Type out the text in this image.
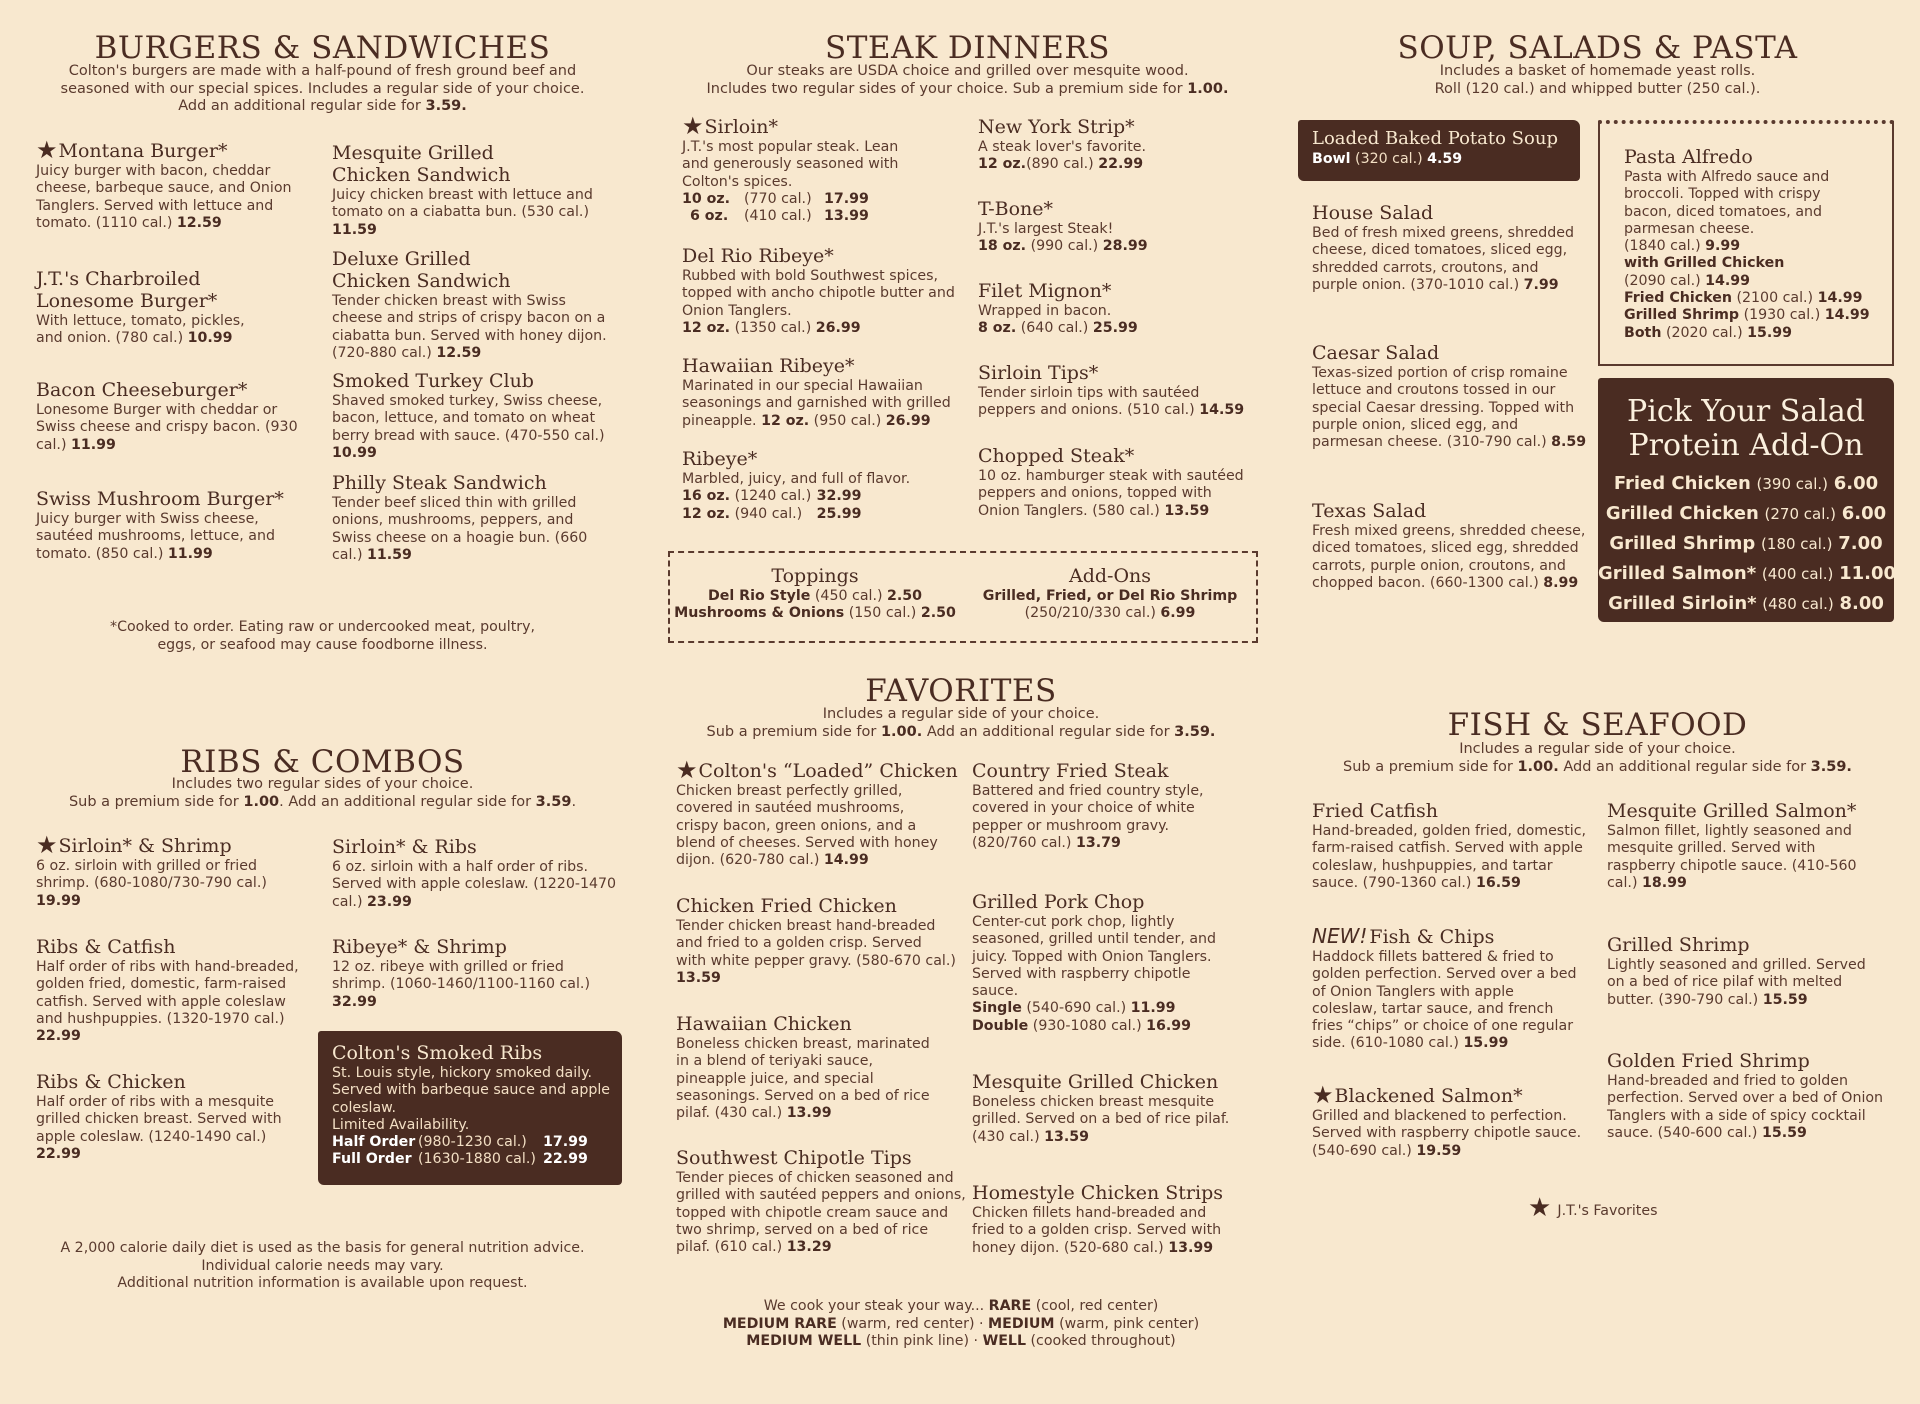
BURGERS & SANDWICHES
Colton's burgers are made with a half-pound of fresh ground beef and
seasoned with our special spices. Includes a regular side of your choice.
Add an additional regular side for 3.59.
★Montana Burger*
Juicy burger with bacon, cheddar cheese, barbeque sauce, and Onion Tanglers. Served with lettuce and tomato. (1110 cal.) 12.59
J.T.'s Charbroiled Lonesome Burger*
With lettuce, tomato, pickles, and onion. (780 cal.) 10.99
Bacon Cheeseburger*
Lonesome Burger with cheddar or Swiss cheese and crispy bacon. (930 cal.) 11.99
Swiss Mushroom Burger*
Juicy burger with Swiss cheese, sautéed mushrooms, lettuce, and tomato. (850 cal.) 11.99
Mesquite Grilled Chicken Sandwich
Juicy chicken breast with lettuce and tomato on a ciabatta bun. (530 cal.) 11.59
Deluxe Grilled Chicken Sandwich
Tender chicken breast with Swiss cheese and strips of crispy bacon on a ciabatta bun. Served with honey dijon. (720-880 cal.) 12.59
Smoked Turkey Club
Shaved smoked turkey, Swiss cheese, bacon, lettuce, and tomato on wheat berry bread with sauce. (470-550 cal.) 10.99
Philly Steak Sandwich
Tender beef sliced thin with grilled onions, mushrooms, peppers, and Swiss cheese on a hoagie bun. (660 cal.) 11.59
*Cooked to order. Eating raw or undercooked meat, poultry,
eggs, or seafood may cause foodborne illness.
STEAK DINNERS
Our steaks are USDA choice and grilled over mesquite wood.
Includes two regular sides of your choice. Sub a premium side for 1.00.
★Sirloin*
J.T.'s most popular steak. Lean and generously seasoned with Colton's spices.
10 oz. (770 cal.) 17.99
6 oz. (410 cal.) 13.99
Del Rio Ribeye*
Rubbed with bold Southwest spices, topped with ancho chipotle butter and Onion Tanglers.
12 oz. (1350 cal.) 26.99
Hawaiian Ribeye*
Marinated in our special Hawaiian seasonings and garnished with grilled pineapple. 12 oz. (950 cal.) 26.99
Ribeye*
Marbled, juicy, and full of flavor.
16 oz. (1240 cal.) 32.99
12 oz. (940 cal.) 25.99
New York Strip*
A steak lover's favorite.
12 oz.(890 cal.) 22.99
T-Bone*
J.T.'s largest Steak!
18 oz. (990 cal.) 28.99
Filet Mignon*
Wrapped in bacon.
8 oz. (640 cal.) 25.99
Sirloin Tips*
Tender sirloin tips with sautéed peppers and onions. (510 cal.) 14.59
Chopped Steak*
10 oz. hamburger steak with sautéed peppers and onions, topped with Onion Tanglers. (580 cal.) 13.59
Toppings
Del Rio Style (450 cal.) 2.50
Mushrooms & Onions (150 cal.) 2.50
Add-Ons
Grilled, Fried, or Del Rio Shrimp
(250/210/330 cal.) 6.99
SOUP, SALADS & PASTA
Includes a basket of homemade yeast rolls.
Roll (120 cal.) and whipped butter (250 cal.).
Loaded Baked Potato Soup
Bowl (320 cal.) 4.59
House Salad
Bed of fresh mixed greens, shredded cheese, diced tomatoes, sliced egg, shredded carrots, croutons, and purple onion. (370-1010 cal.) 7.99
Caesar Salad
Texas-sized portion of crisp romaine lettuce and croutons tossed in our special Caesar dressing. Topped with purple onion, sliced egg, and parmesan cheese. (310-790 cal.) 8.59
Texas Salad
Fresh mixed greens, shredded cheese, diced tomatoes, sliced egg, shredded carrots, purple onion, croutons, and chopped bacon. (660-1300 cal.) 8.99
Pasta Alfredo
Pasta with Alfredo sauce and broccoli. Topped with crispy bacon, diced tomatoes, and parmesan cheese.
(1840 cal.) 9.99
with Grilled Chicken
(2090 cal.) 14.99
Fried Chicken (2100 cal.) 14.99
Grilled Shrimp (1930 cal.) 14.99
Both (2020 cal.) 15.99
Pick Your Salad
Protein Add-On
Fried Chicken (390 cal.) 6.00
Grilled Chicken (270 cal.) 6.00
Grilled Shrimp (180 cal.) 7.00
Grilled Salmon* (400 cal.) 11.00
Grilled Sirloin* (480 cal.) 8.00
RIBS & COMBOS
Includes two regular sides of your choice.
Sub a premium side for 1.00. Add an additional regular side for 3.59.
★Sirloin* & Shrimp
6 oz. sirloin with grilled or fried shrimp. (680-1080/730-790 cal.) 19.99
Ribs & Catfish
Half order of ribs with hand-breaded, golden fried, domestic, farm-raised catfish. Served with apple coleslaw and hushpuppies. (1320-1970 cal.) 22.99
Ribs & Chicken
Half order of ribs with a mesquite grilled chicken breast. Served with apple coleslaw. (1240-1490 cal.) 22.99
Sirloin* & Ribs
6 oz. sirloin with a half order of ribs. Served with apple coleslaw. (1220-1470 cal.) 23.99
Ribeye* & Shrimp
12 oz. ribeye with grilled or fried shrimp. (1060-1460/1100-1160 cal.) 32.99
Colton's Smoked Ribs
St. Louis style, hickory smoked daily. Served with barbeque sauce and apple coleslaw.
Limited Availability.
Half Order (980-1230 cal.) 17.99
Full Order (1630-1880 cal.) 22.99
A 2,000 calorie daily diet is used as the basis for general nutrition advice.
Individual calorie needs may vary.
Additional nutrition information is available upon request.
FAVORITES
Includes a regular side of your choice.
Sub a premium side for 1.00. Add an additional regular side for 3.59.
★Colton's “Loaded” Chicken
Chicken breast perfectly grilled, covered in sautéed mushrooms, crispy bacon, green onions, and a blend of cheeses. Served with honey dijon. (620-780 cal.) 14.99
Chicken Fried Chicken
Tender chicken breast hand-breaded and fried to a golden crisp. Served with white pepper gravy. (580-670 cal.) 13.59
Hawaiian Chicken
Boneless chicken breast, marinated in a blend of teriyaki sauce, pineapple juice, and special seasonings. Served on a bed of rice pilaf. (430 cal.) 13.99
Southwest Chipotle Tips
Tender pieces of chicken seasoned and grilled with sautéed peppers and onions, topped with chipotle cream sauce and two shrimp, served on a bed of rice pilaf. (610 cal.) 13.29
Country Fried Steak
Battered and fried country style, covered in your choice of white pepper or mushroom gravy. (820/760 cal.) 13.79
Grilled Pork Chop
Center-cut pork chop, lightly seasoned, grilled until tender, and juicy. Topped with Onion Tanglers. Served with raspberry chipotle sauce.
Single (540-690 cal.) 11.99
Double (930-1080 cal.) 16.99
Mesquite Grilled Chicken
Boneless chicken breast mesquite grilled. Served on a bed of rice pilaf. (430 cal.) 13.59
Homestyle Chicken Strips
Chicken fillets hand-breaded and fried to a golden crisp. Served with honey dijon. (520-680 cal.) 13.99
We cook your steak your way... RARE (cool, red center)
MEDIUM RARE (warm, red center) · MEDIUM (warm, pink center)
MEDIUM WELL (thin pink line) · WELL (cooked throughout)
FISH & SEAFOOD
Includes a regular side of your choice.
Sub a premium side for 1.00. Add an additional regular side for 3.59.
Fried Catfish
Hand-breaded, golden fried, domestic, farm-raised catfish. Served with apple coleslaw, hushpuppies, and tartar sauce. (790-1360 cal.) 16.59
NEW! Fish & Chips
Haddock fillets battered & fried to golden perfection. Served over a bed of Onion Tanglers with apple coleslaw, tartar sauce, and french fries “chips” or choice of one regular side. (610-1080 cal.) 15.99
★Blackened Salmon*
Grilled and blackened to perfection. Served with raspberry chipotle sauce. (540-690 cal.) 19.59
Mesquite Grilled Salmon*
Salmon fillet, lightly seasoned and mesquite grilled. Served with raspberry chipotle sauce. (410-560 cal.) 18.99
Grilled Shrimp
Lightly seasoned and grilled. Served on a bed of rice pilaf with melted butter. (390-790 cal.) 15.59
Golden Fried Shrimp
Hand-breaded and fried to golden perfection. Served over a bed of Onion Tanglers with a side of spicy cocktail sauce. (540-600 cal.) 15.59
★ J.T.'s Favorites
